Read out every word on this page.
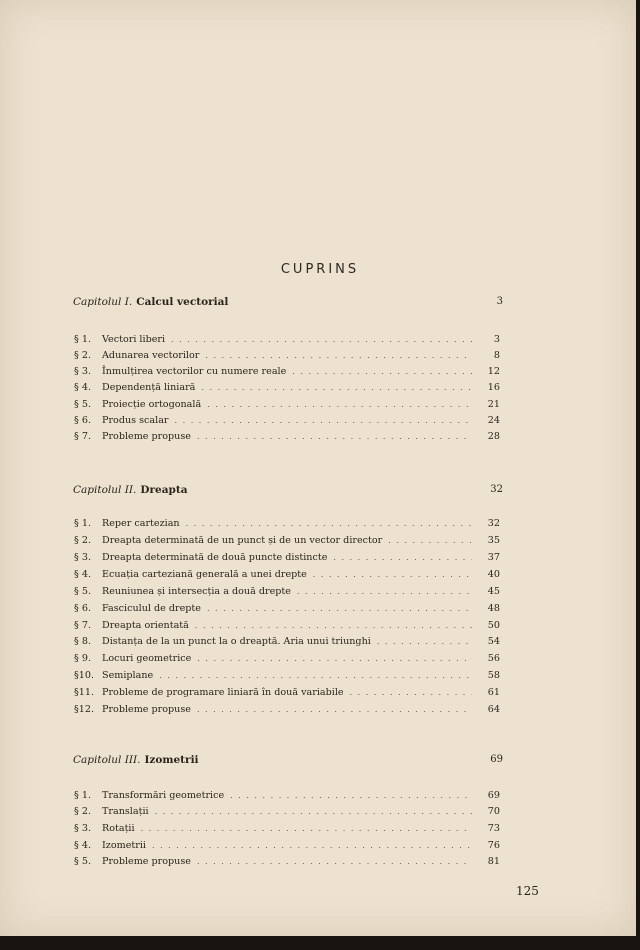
CUPRINS
Capitolul I. Calcul vectorial	3
§ 1.	Vectori liberi . . .	3
§ 2.	Adunarea vectorilor . . .	8
§ 3.	Înmulțirea vectorilor cu numere reale . . .	12
§ 4.	Dependență liniară . . .	16
§ 5.	Proiecție ortogonală . . .	21
§ 6.	Produs scalar . . .	24
§ 7.	Probleme propuse . . .	28
Capitolul II. Dreapta	32
§ 1.	Reper cartezian . . .	32
§ 2.	Dreapta determinată de un punct și de un vector director . . .	35
§ 3.	Dreapta determinată de două puncte distincte . . .	37
§ 4.	Ecuația carteziană generală a unei drepte . . .	40
§ 5.	Reuniunea și intersecția a două drepte . . .	45
§ 6.	Fasciculul de drepte . . .	48
§ 7.	Dreapta orientată . . .	50
§ 8.	Distanța de la un punct la o dreaptă. Aria unui triunghi . . .	54
§ 9.	Locuri geometrice . . .	56
§10. Semiplane . . .	58
§11. Probleme de programare liniară în două variabile . . .	61
§12. Probleme propuse . . .	64
Capitolul III. Izometrii	69
§ 1.	Transformări geometrice . . .	69
§ 2.	Translații . . .	70
§ 3.	Rotații . . .	73
§ 4.	Izometrii . . .	76
§ 5.	Probleme propuse . . .	81
125
